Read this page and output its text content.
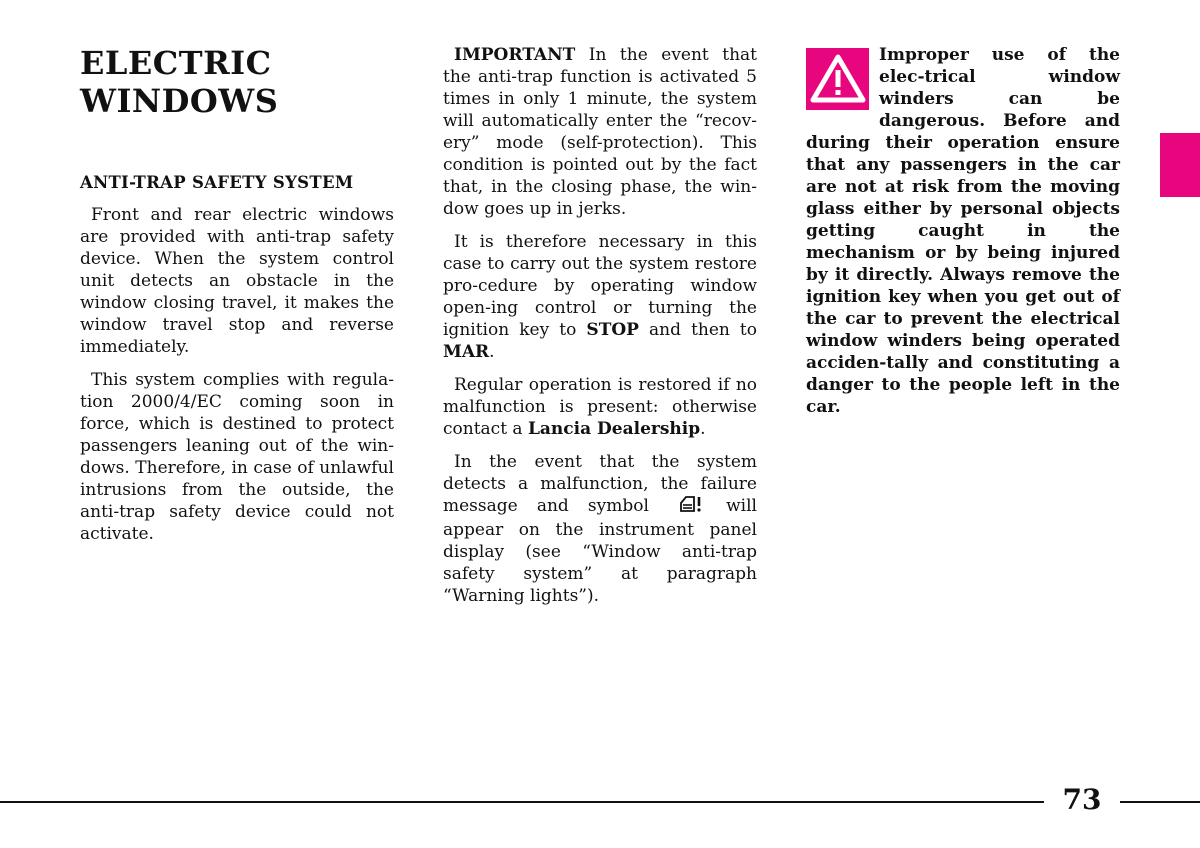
ELECTRIC
WINDOWS
ANTI-TRAP SAFETY SYSTEM

Front and rear electric windows are provided with anti-trap safety device. When the system control unit detects an obstacle in the window closing travel, it makes the window travel stop and reverse immediately.

This system complies with regula-tion 2000/4/EC coming soon in force, which is destined to protect passengers leaning out of the win-dows. Therefore, in case of unlawful intrusions from the outside, the anti-trap safety device could not activate.

IMPORTANT In the event that the anti-trap function is activated 5 times in only 1 minute, the system will automatically enter the “recov-ery” mode (self-protection). This condition is pointed out by the fact that, in the closing phase, the win-dow goes up in jerks.

It is therefore necessary in this case to carry out the system restore pro-cedure by operating window open-ing control or turning the ignition key to STOP and then to MAR.

Regular operation is restored if no malfunction is present: otherwise contact a Lancia Dealership.

In the event that the system detects a malfunction, the failure message and symbol  will appear on the instrument panel display (see “Window anti-trap safety system” at paragraph “Warning lights”).

Improper use of the elec-trical window winders can be dangerous. Before and during their operation ensure that any passengers in the car are not at risk from the moving glass either by personal objects getting caught in the mechanism or by being injured by it directly. Always remove the ignition key when you get out of the car to prevent the electrical window winders being operated acciden-tally and constituting a danger to the people left in the car.

73
